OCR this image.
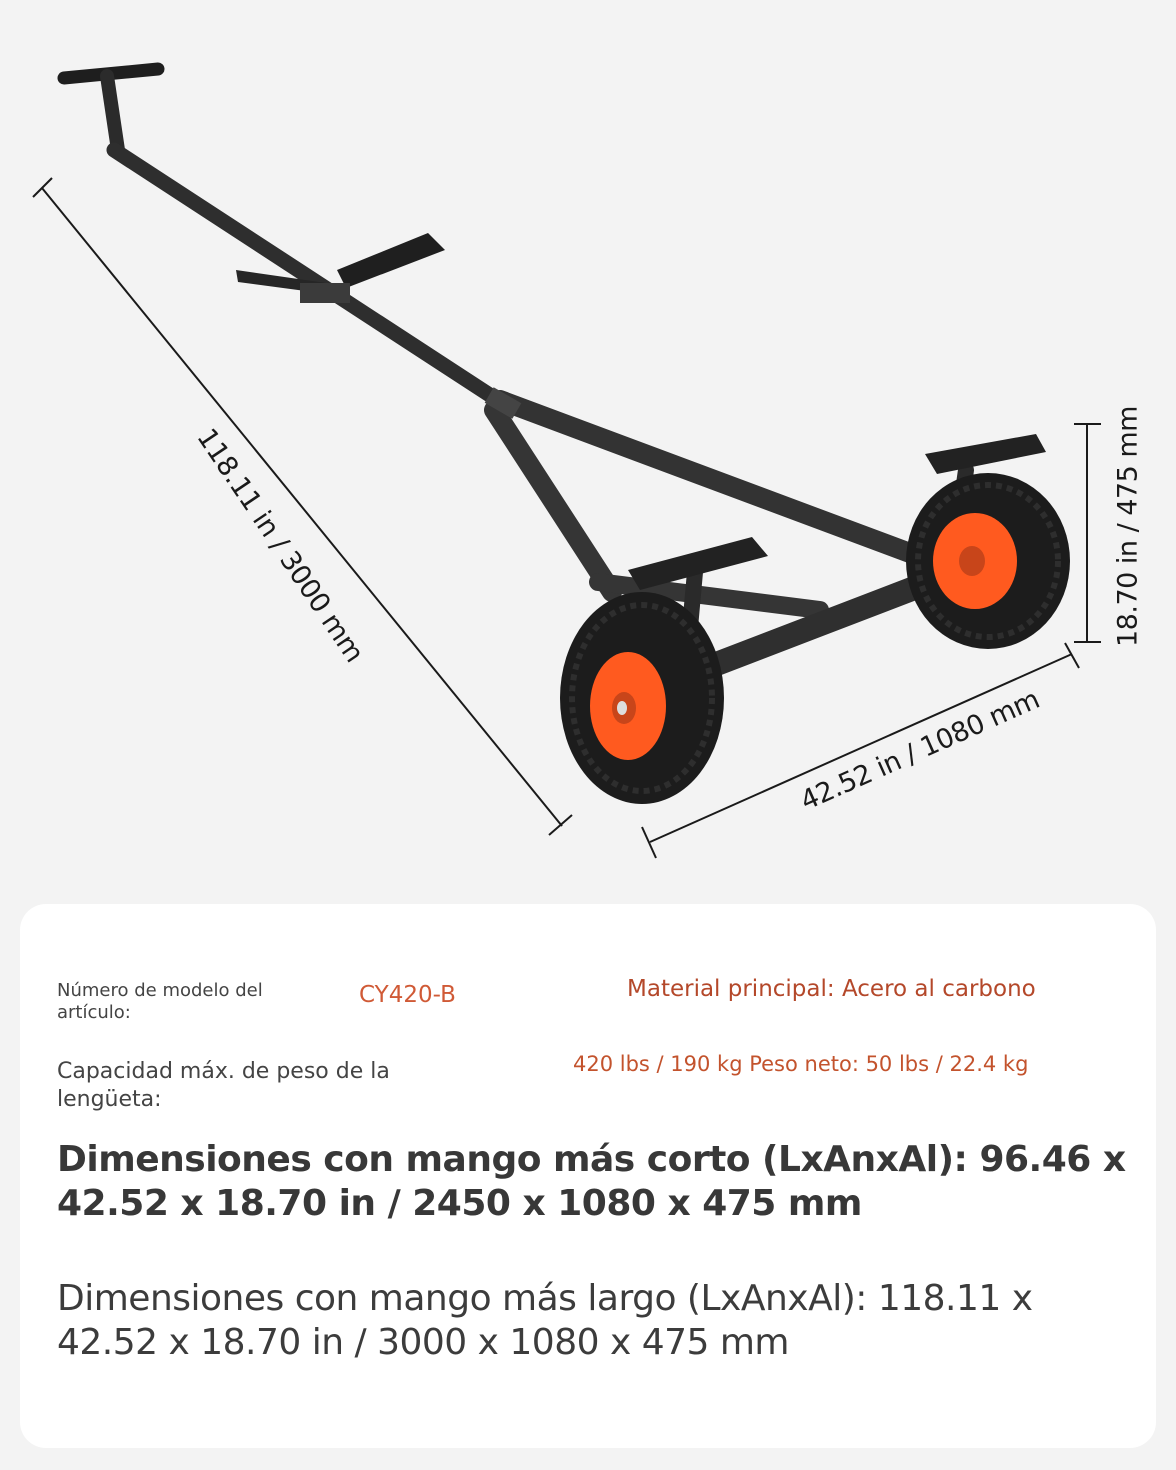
118.11 in / 3000 mm
42.52 in / 1080 mm
18.70 in / 475 mm
Número de modelo del artículo:
CY420-B	Material principal: Acero al carbono
Capacidad máx. de peso de la lengüeta:
420 lbs / 190 kg Peso neto: 50 lbs / 22.4 kg
Dimensiones con mango más corto (LxAnxAl): 96.46 x 42.52 x 18.70 in / 2450 x 1080 x 475 mm
Dimensiones con mango más largo (LxAnxAl): 118.11 x 42.52 x 18.70 in / 3000 x 1080 x 475 mm
